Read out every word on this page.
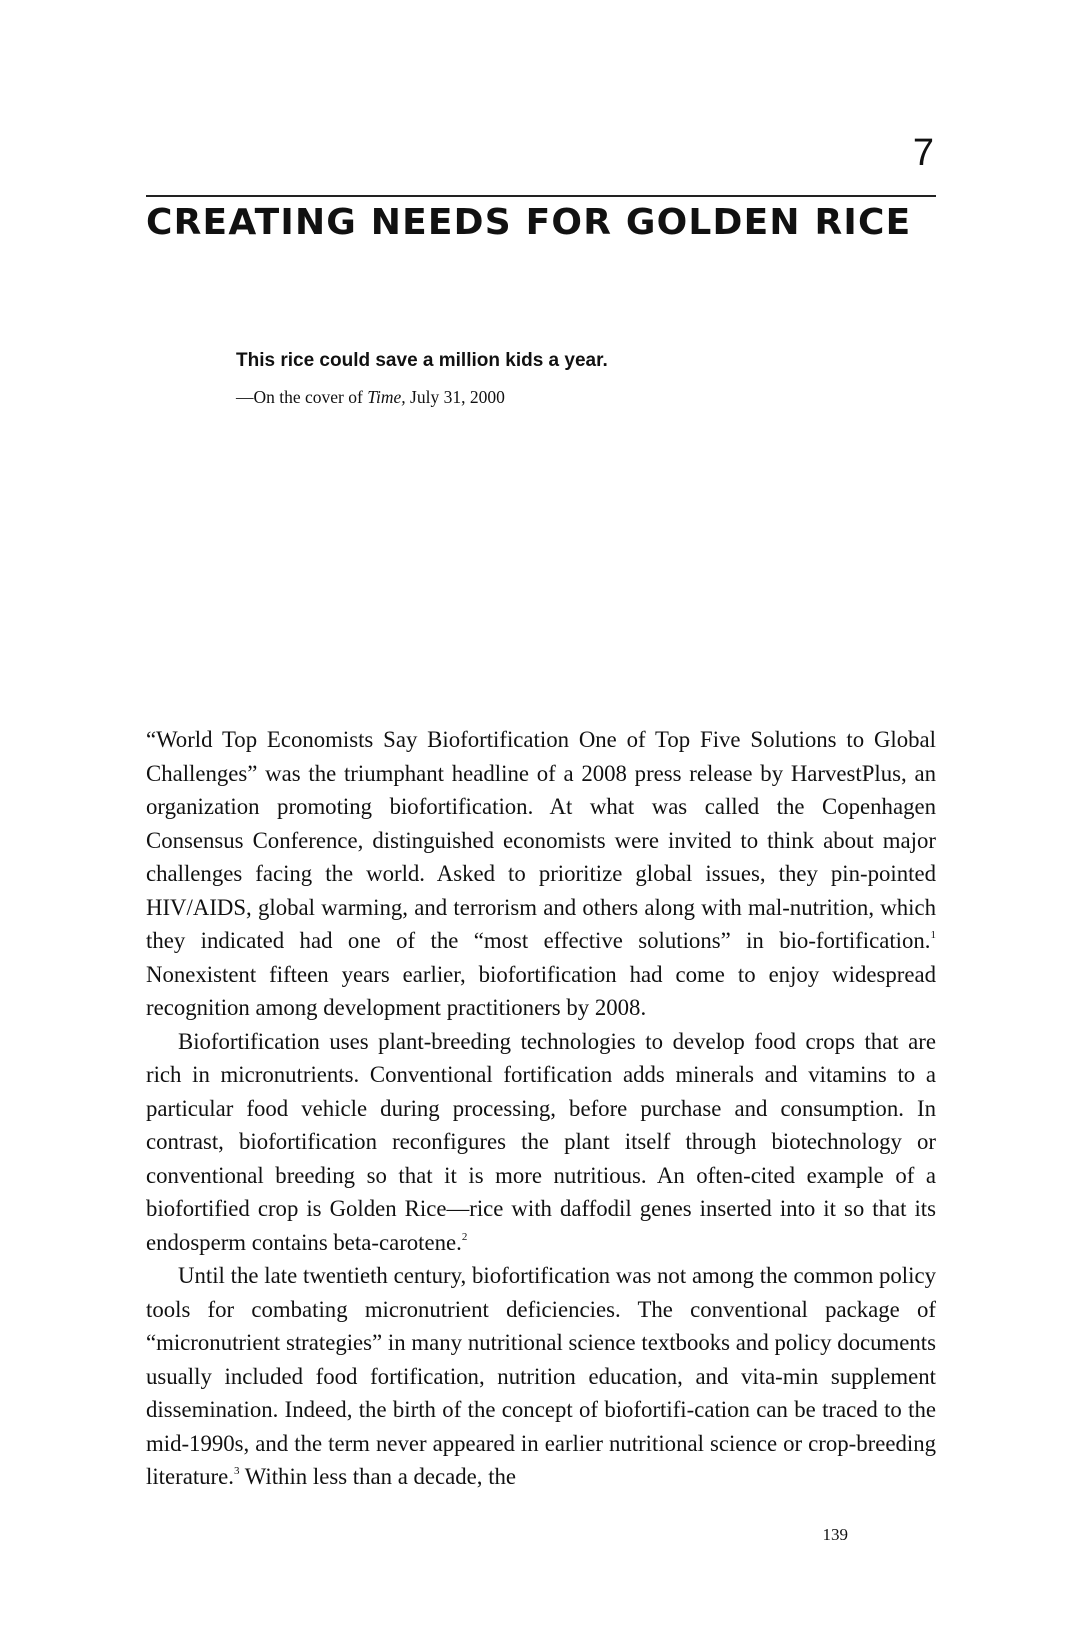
7
CREATING NEEDS FOR GOLDEN RICE

This rice could save a million kids a year.

—On the cover of Time, July 31, 2000

“World Top Economists Say Biofortification One of Top Five Solutions to Global Challenges” was the triumphant headline of a 2008 press release by HarvestPlus, an organization promoting biofortification. At what was called the Copenhagen Consensus Conference, distinguished economists were invited to think about major challenges facing the world. Asked to prioritize global issues, they pin-pointed HIV/AIDS, global warming, and terrorism and others along with mal-nutrition, which they indicated had one of the “most effective solutions” in bio-fortification.$^1$ Nonexistent fifteen years earlier, biofortification had come to enjoy widespread recognition among development practitioners by 2008.

Biofortification uses plant-breeding technologies to develop food crops that are rich in micronutrients. Conventional fortification adds minerals and vitamins to a particular food vehicle during processing, before purchase and consumption. In contrast, biofortification reconfigures the plant itself through biotechnology or conventional breeding so that it is more nutritious. An often-cited example of a biofortified crop is Golden Rice—rice with daffodil genes inserted into it so that its endosperm contains beta-carotene.$^2$

Until the late twentieth century, biofortification was not among the common policy tools for combating micronutrient deficiencies. The conventional package of “micronutrient strategies” in many nutritional science textbooks and policy documents usually included food fortification, nutrition education, and vita-min supplement dissemination. Indeed, the birth of the concept of biofortifi-cation can be traced to the mid-1990s, and the term never appeared in earlier nutritional science or crop-breeding literature.$^3$ Within less than a decade, the

139
